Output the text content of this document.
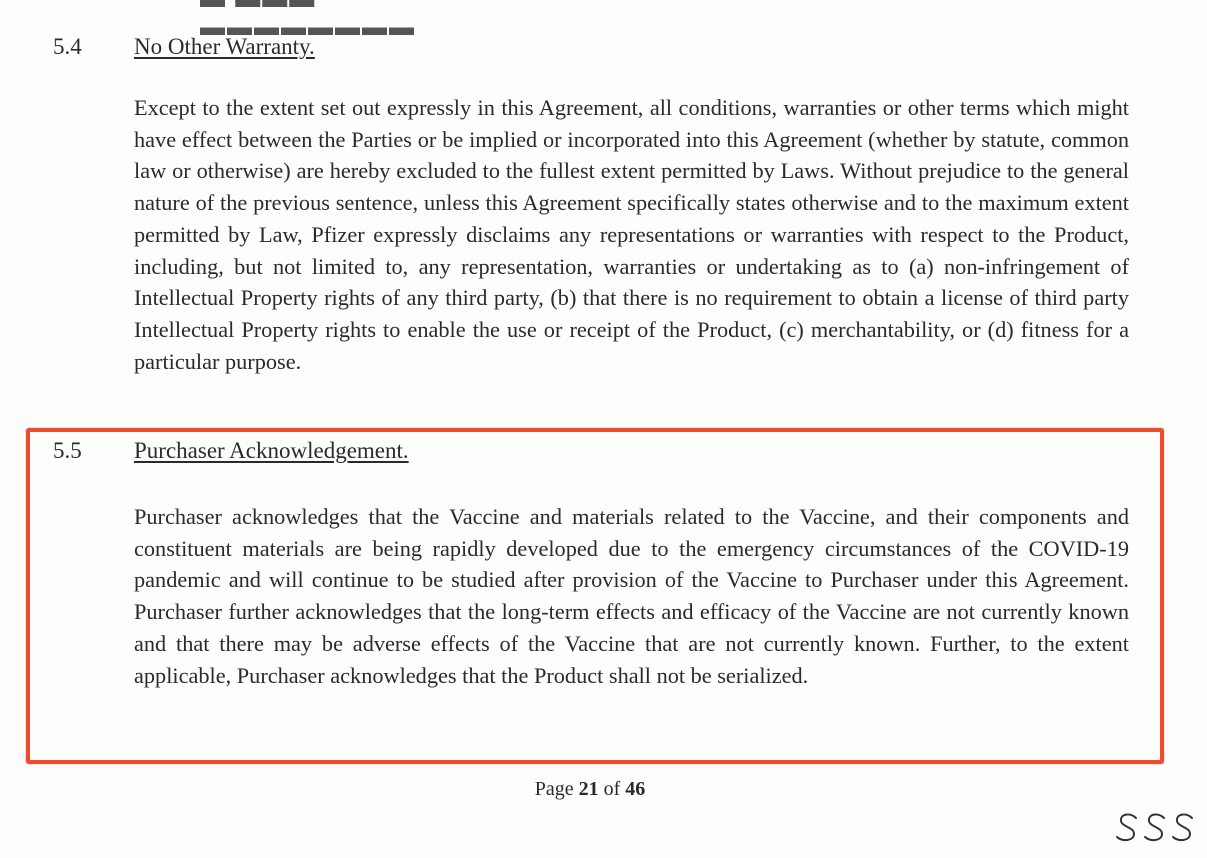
▬▬▬▬▬▬▬▬
5.4 No Other Warranty.
Except to the extent set out expressly in this Agreement, all conditions, warranties or other terms which might have effect between the Parties or be implied or incorporated into this Agreement (whether by statute, common law or otherwise) are hereby excluded to the fullest extent permitted by Laws. Without prejudice to the general nature of the previous sentence, unless this Agreement specifically states otherwise and to the maximum extent permitted by Law, Pfizer expressly disclaims any representations or warranties with respect to the Product, including, but not limited to, any representation, warranties or undertaking as to (a) non-infringement of Intellectual Property rights of any third party, (b) that there is no requirement to obtain a license of third party Intellectual Property rights to enable the use or receipt of the Product, (c) merchantability, or (d) fitness for a particular purpose.
5.5 Purchaser Acknowledgement.
Purchaser acknowledges that the Vaccine and materials related to the Vaccine, and their components and constituent materials are being rapidly developed due to the emergency circumstances of the COVID-19 pandemic and will continue to be studied after provision of the Vaccine to Purchaser under this Agreement. Purchaser further acknowledges that the long-term effects and efficacy of the Vaccine are not currently known and that there may be adverse effects of the Vaccine that are not currently known. Further, to the extent applicable, Purchaser acknowledges that the Product shall not be serialized.
Page 21 of 46
